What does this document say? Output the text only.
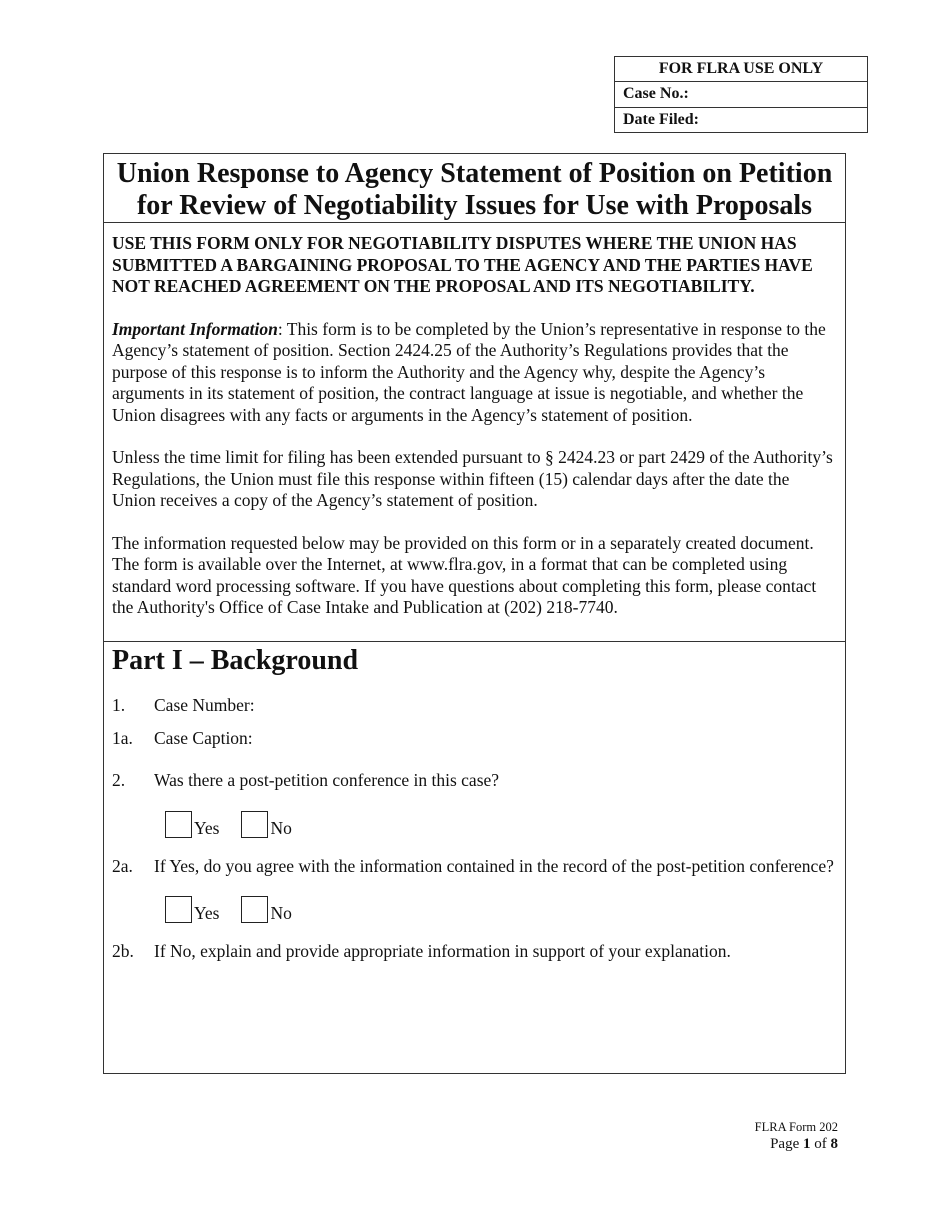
FOR FLRA USE ONLY
Case No.:
Date Filed:
Union Response to Agency Statement of Position on Petition
for Review of Negotiability Issues for Use with Proposals

USE THIS FORM ONLY FOR NEGOTIABILITY DISPUTES WHERE THE UNION HAS SUBMITTED A BARGAINING PROPOSAL TO THE AGENCY AND THE PARTIES HAVE NOT REACHED AGREEMENT ON THE PROPOSAL AND ITS NEGOTIABILITY.

Important Information: This form is to be completed by the Union’s representative in response to the Agency’s statement of position. Section 2424.25 of the Authority’s Regulations provides that the purpose of this response is to inform the Authority and the Agency why, despite the Agency’s arguments in its statement of position, the contract language at issue is negotiable, and whether the Union disagrees with any facts or arguments in the Agency’s statement of position.

Unless the time limit for filing has been extended pursuant to § 2424.23 or part 2429 of the Authority’s Regulations, the Union must file this response within fifteen (15) calendar days after the date the Union receives a copy of the Agency’s statement of position.

The information requested below may be provided on this form or in a separately created document. The form is available over the Internet, at www.flra.gov, in a format that can be completed using standard word processing software. If you have questions about completing this form, please contact the Authority's Office of Case Intake and Publication at (202) 218-7740.

Part I – Background
1.	Case Number:
1a.	Case Caption:
2.	Was there a post-petition conference in this case?
Yes	No
2a.	If Yes, do you agree with the information contained in the record of the post-petition conference?
Yes	No
2b.	If No, explain and provide appropriate information in support of your explanation.
FLRA Form 202
Page 1 of 8
